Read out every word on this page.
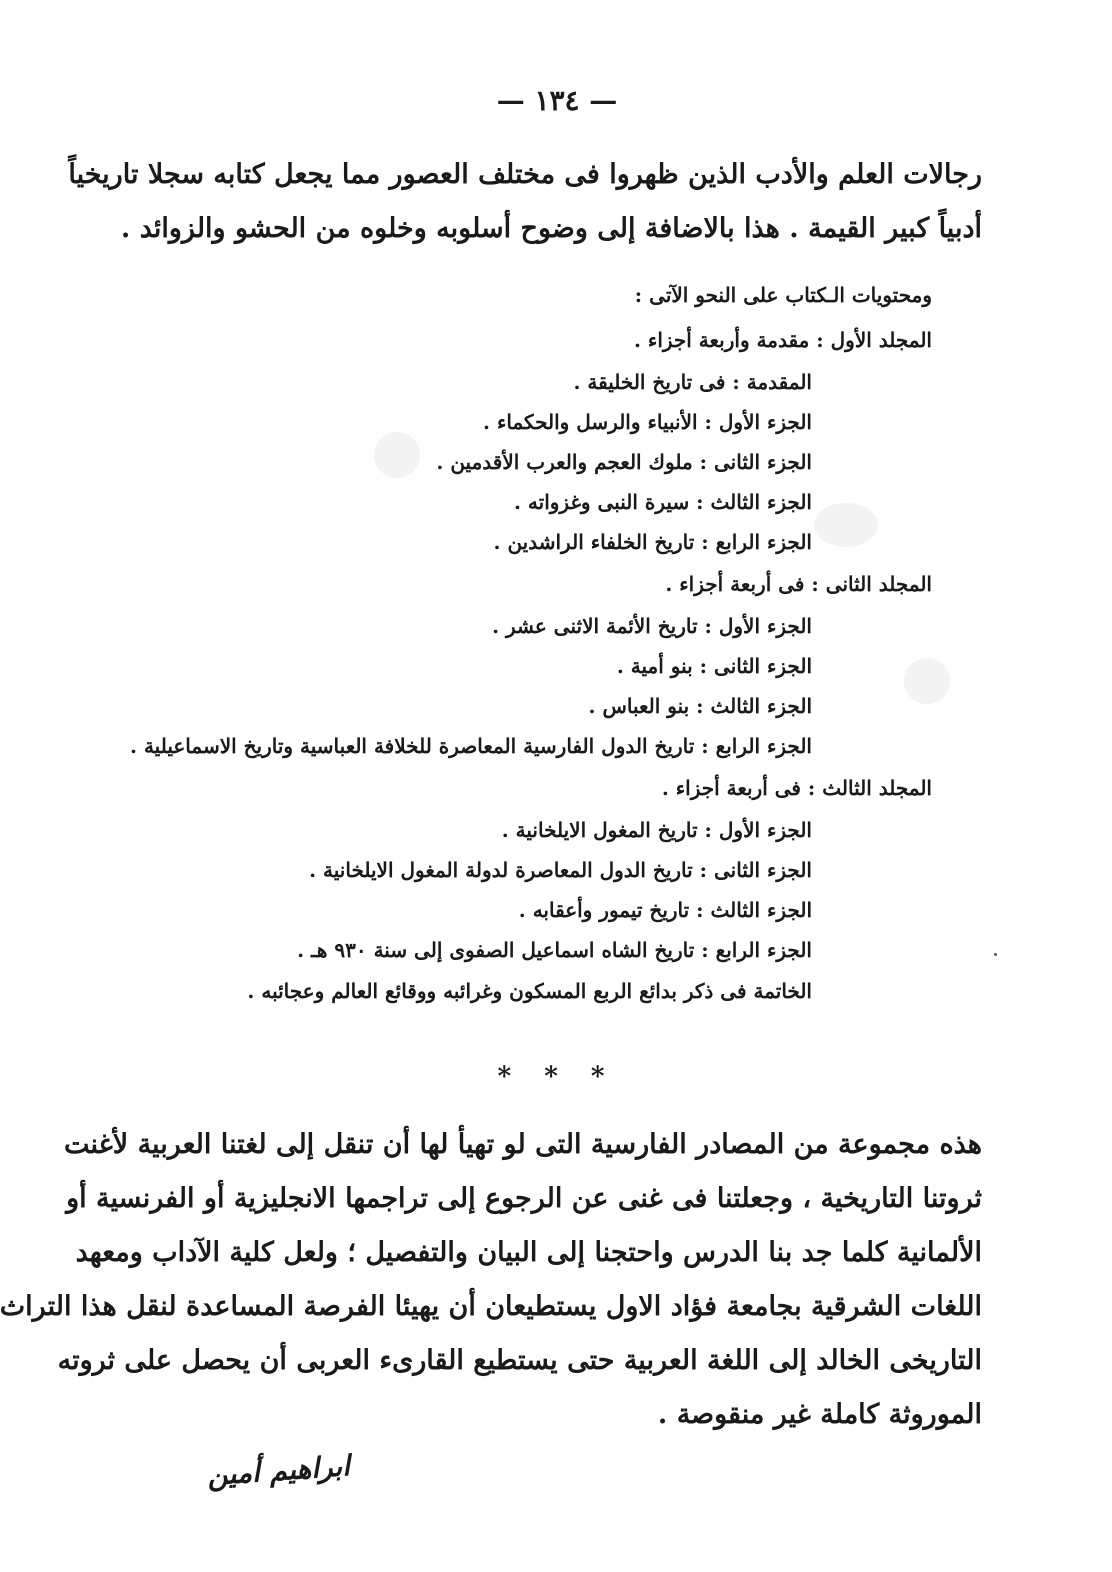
— ١٣٤ —
رجالات العلم والأدب الذين ظهروا فى مختلف العصور مما يجعل كتابه سجلا تاريخياً
أدبياً كبير القيمة . هذا بالاضافة إلى وضوح أسلوبه وخلوه من الحشو والزوائد .
ومحتويات الـكتاب على النحو الآتى :
المجلد الأول : مقدمة وأربعة أجزاء .
المقدمة : فى تاريخ الخليقة .
الجزء الأول : الأنبياء والرسل والحكماء .
الجزء الثانى : ملوك العجم والعرب الأقدمين .
الجزء الثالث : سيرة النبى وغزواته .
الجزء الرابع : تاريخ الخلفاء الراشدين .
المجلد الثانى : فى أربعة أجزاء .
الجزء الأول : تاريخ الأئمة الاثنى عشر .
الجزء الثانى : بنو أمية .
الجزء الثالث : بنو العباس .
الجزء الرابع : تاريخ الدول الفارسية المعاصرة للخلافة العباسية وتاريخ الاسماعيلية .
المجلد الثالث : فى أربعة أجزاء .
الجزء الأول : تاريخ المغول الايلخانية .
الجزء الثانى : تاريخ الدول المعاصرة لدولة المغول الايلخانية .
الجزء الثالث : تاريخ تيمور وأعقابه .
الجزء الرابع : تاريخ الشاه اسماعيل الصفوى إلى سنة ٩٣٠ هـ .
الخاتمة فى ذكر بدائع الربع المسكون وغرائبه ووقائع العالم وعجائبه .
* * *
هذه مجموعة من المصادر الفارسية التى لو تهيأ لها أن تنقل إلى لغتنا العربية لأغنت
ثروتنا التاريخية ، وجعلتنا فى غنى عن الرجوع إلى تراجمها الانجليزية أو الفرنسية أو
الألمانية كلما جد بنا الدرس واحتجنا إلى البيان والتفصيل ؛ ولعل كلية الآداب ومعهد
اللغات الشرقية بجامعة فؤاد الاول يستطيعان أن يهيئا الفرصة المساعدة لنقل هذا التراث
التاريخى الخالد إلى اللغة العربية حتى يستطيع القارىء العربى أن يحصل على ثروته
الموروثة كاملة غير منقوصة .
ابراهيم أمين
